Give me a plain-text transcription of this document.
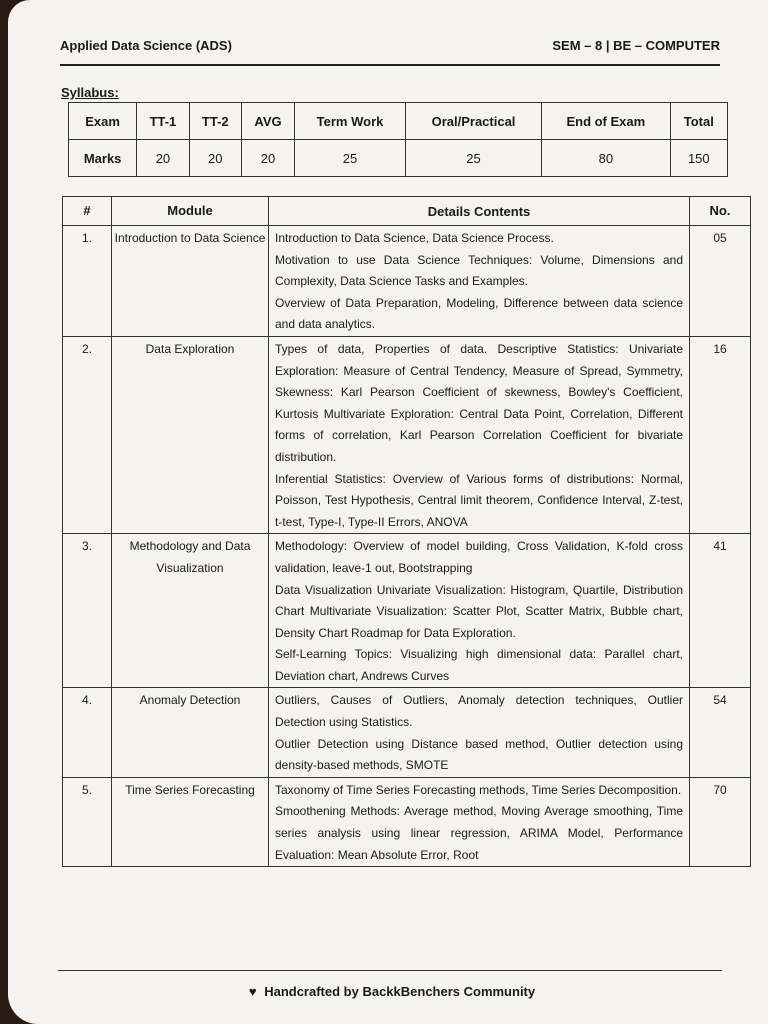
Applied Data Science (ADS)	SEM – 8 | BE – COMPUTER
Syllabus:
Exam	TT-1	TT-2	AVG	Term Work	Oral/Practical	End of Exam	Total
Marks	20	20	20	25	25	80	150
#	Module	Details Contents	No.
1.	Introduction to Data Science	Introduction to Data Science, Data Science Process.

Motivation to use Data Science Techniques: Volume, Dimensions and Complexity, Data Science Tasks and Examples.

Overview of Data Preparation, Modeling, Difference between data science and data analytics.	05
2.	Data Exploration	Types of data, Properties of data. Descriptive Statistics: Univariate Exploration: Measure of Central Tendency, Measure of Spread, Symmetry, Skewness: Karl Pearson Coefficient of skewness, Bowley's Coefficient, Kurtosis Multivariate Exploration: Central Data Point, Correlation, Different forms of correlation, Karl Pearson Correlation Coefficient for bivariate distribution.

Inferential Statistics: Overview of Various forms of distributions: Normal, Poisson, Test Hypothesis, Central limit theorem, Confidence Interval, Z-test, t-test, Type-I, Type-II Errors, ANOVA	16
3.	Methodology and Data Visualization	Methodology: Overview of model building, Cross Validation, K-fold cross validation, leave-1 out, Bootstrapping

Data Visualization Univariate Visualization: Histogram, Quartile, Distribution Chart Multivariate Visualization: Scatter Plot, Scatter Matrix, Bubble chart, Density Chart Roadmap for Data Exploration.

Self-Learning Topics: Visualizing high dimensional data: Parallel chart, Deviation chart, Andrews Curves	41
4.	Anomaly Detection	Outliers, Causes of Outliers, Anomaly detection techniques, Outlier Detection using Statistics.

Outlier Detection using Distance based method, Outlier detection using density-based methods, SMOTE	54
5.	Time Series Forecasting	Taxonomy of Time Series Forecasting methods, Time Series Decomposition.

Smoothening Methods: Average method, Moving Average smoothing, Time series analysis using linear regression, ARIMA Model, Performance Evaluation: Mean Absolute Error, Root	70
♥ Handcrafted by BackkBenchers Community
